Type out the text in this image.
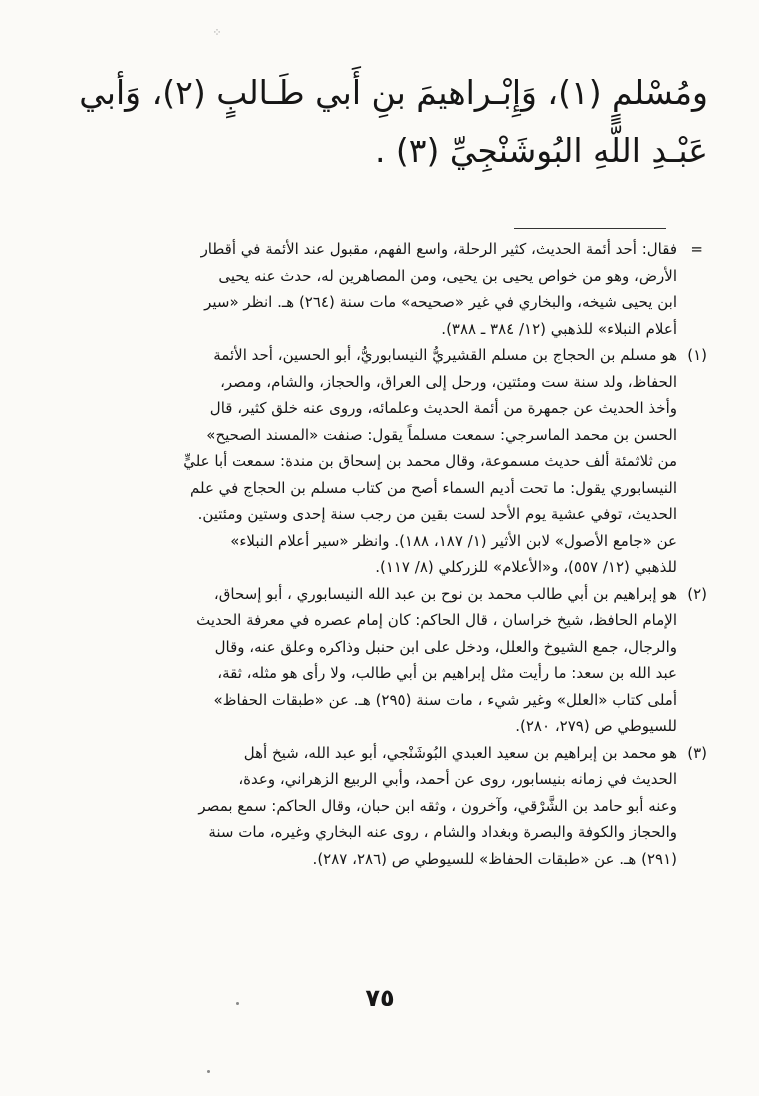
⁘

ومُسْلمٍ (١)، وَإِبْـراهيمَ بنِ أَبي طَـالبٍ (٢)، وَأبي

عَبْـدِ اللَّهِ البُوشَنْجِيِّ (٣) .

=
فقال: أحد أئمة الحديث، كثير الرحلة، واسع الفهم، مقبول عند الأئمة في أقطار
الأرض، وهو من خواص يحيى بن يحيى، ومن المصاهرين له، حدث عنه يحيى
ابن يحيى شيخه، والبخاري في غير «صحيحه» مات سنة (٢٦٤) هـ. انظر «سير
أعلام النبلاء» للذهبي (١٢/ ٣٨٤ ـ ٣٨٨).
(١)
هو مسلم بن الحجاج بن مسلم القشيريُّ النيسابوريُّ، أبو الحسين، أحد الأئمة
الحفاظ، ولد سنة ست ومئتين، ورحل إلى العراق، والحجاز، والشام، ومصر،
وأخذ الحديث عن جمهرة من أئمة الحديث وعلمائه، وروى عنه خلق كثير، قال
الحسن بن محمد الماسرجي: سمعت مسلماً يقول: صنفت «المسند الصحيح»
من ثلاثمئة ألف حديث مسموعة، وقال محمد بن إسحاق بن مندة: سمعت أبا عليٍّ
النيسابوري يقول: ما تحت أديم السماء أصح من كتاب مسلم بن الحجاج في علم
الحديث، توفي عشية يوم الأحد لست بقين من رجب سنة إحدى وستين ومئتين.
عن «جامع الأصول» لابن الأثير (١/ ١٨٧، ١٨٨). وانظر «سير أعلام النبلاء»
للذهبي (١٢/ ٥٥٧)، و«الأعلام» للزركلي (٨/ ١١٧).
(٢)
هو إبراهيم بن أبي طالب محمد بن نوح بن عبد الله النيسابوري ، أبو إسحاق،
الإمام الحافظ، شيخ خراسان ، قال الحاكم: كان إمام عصره في معرفة الحديث
والرجال، جمع الشيوخ والعلل، ودخل على ابن حنبل وذاكره وعلق عنه، وقال
عبد الله بن سعد: ما رأيت مثل إبراهيم بن أبي طالب، ولا رأى هو مثله، ثقة،
أملى كتاب «العلل» وغير شيء ، مات سنة (٢٩٥) هـ. عن «طبقات الحفاظ»
للسيوطي ص (٢٧٩، ٢٨٠).
(٣)
هو محمد بن إبراهيم بن سعيد العبدي البُوشَنْجي، أبو عبد الله، شيخ أهل
الحديث في زمانه بنيسابور، روى عن أحمد، وأبي الربيع الزهراني، وعدة،
وعنه أبو حامد بن الشَّرْقي، وآخرون ، وثقه ابن حبان، وقال الحاكم: سمع بمصر
والحجاز والكوفة والبصرة وبغداد والشام ، روى عنه البخاري وغيره، مات سنة
(٢٩١) هـ. عن «طبقات الحفاظ» للسيوطي ص (٢٨٦، ٢٨٧).
٧٥
